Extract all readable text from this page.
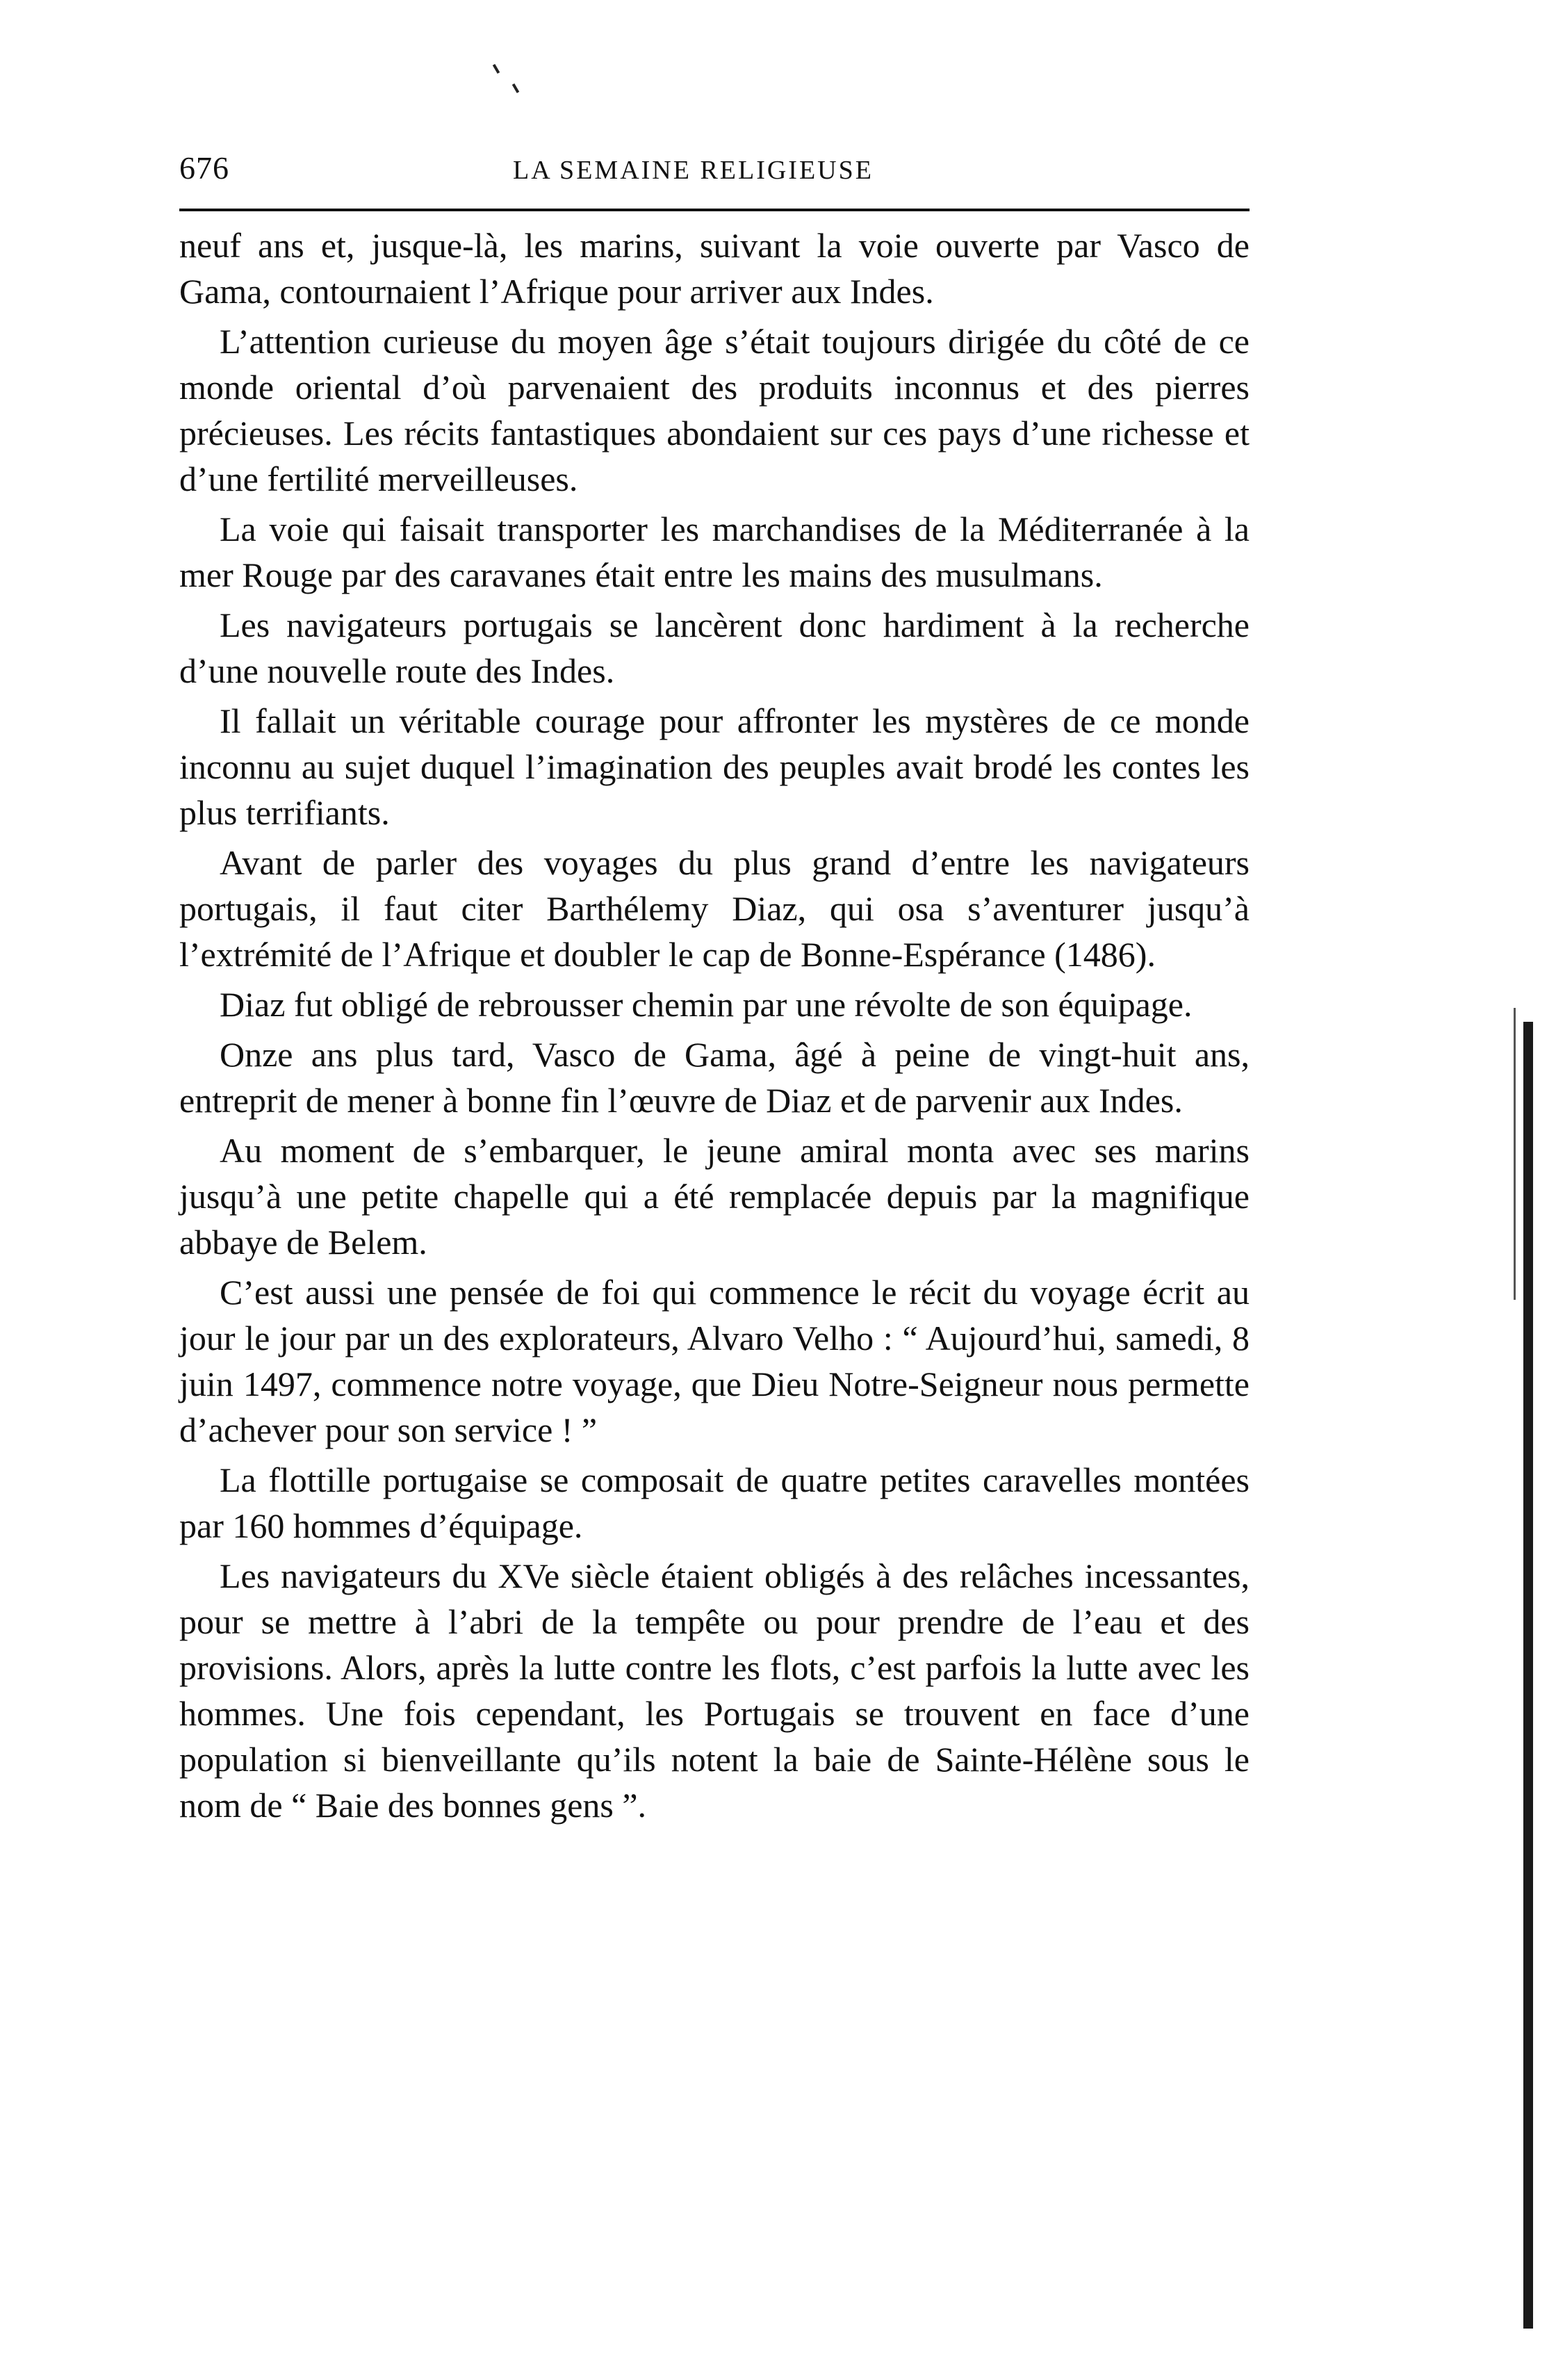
676	LA SEMAINE RELIGIEUSE

neuf ans et, jusque-là, les marins, suivant la voie ouverte par Vasco de Gama, contournaient l’Afrique pour arriver aux Indes.

L’attention curieuse du moyen âge s’était toujours dirigée du côté de ce monde oriental d’où parvenaient des produits inconnus et des pierres précieuses. Les récits fantastiques abondaient sur ces pays d’une richesse et d’une fertilité merveilleuses.

La voie qui faisait transporter les marchandises de la Méditerranée à la mer Rouge par des caravanes était entre les mains des musulmans.

Les navigateurs portugais se lancèrent donc hardiment à la recherche d’une nouvelle route des Indes.

Il fallait un véritable courage pour affronter les mystères de ce monde inconnu au sujet duquel l’imagination des peuples avait brodé les contes les plus terrifiants.

Avant de parler des voyages du plus grand d’entre les navigateurs portugais, il faut citer Barthélemy Diaz, qui osa s’aventurer jusqu’à l’extrémité de l’Afrique et doubler le cap de Bonne-Espérance (1486).

Diaz fut obligé de rebrousser chemin par une révolte de son équipage.

Onze ans plus tard, Vasco de Gama, âgé à peine de vingt-huit ans, entreprit de mener à bonne fin l’œuvre de Diaz et de parvenir aux Indes.

Au moment de s’embarquer, le jeune amiral monta avec ses marins jusqu’à une petite chapelle qui a été remplacée depuis par la magnifique abbaye de Belem.

C’est aussi une pensée de foi qui commence le récit du voyage écrit au jour le jour par un des explorateurs, Alvaro Velho : “ Aujourd’hui, samedi, 8 juin 1497, commence notre voyage, que Dieu Notre-Seigneur nous permette d’achever pour son service ! ”

La flottille portugaise se composait de quatre petites caravelles montées par 160 hommes d’équipage.

Les navigateurs du XVe siècle étaient obligés à des relâches incessantes, pour se mettre à l’abri de la tempête ou pour prendre de l’eau et des provisions. Alors, après la lutte contre les flots, c’est parfois la lutte avec les hommes. Une fois cependant, les Portugais se trouvent en face d’une population si bienveillante qu’ils notent la baie de Sainte-Hélène sous le nom de “ Baie des bonnes gens ”.
